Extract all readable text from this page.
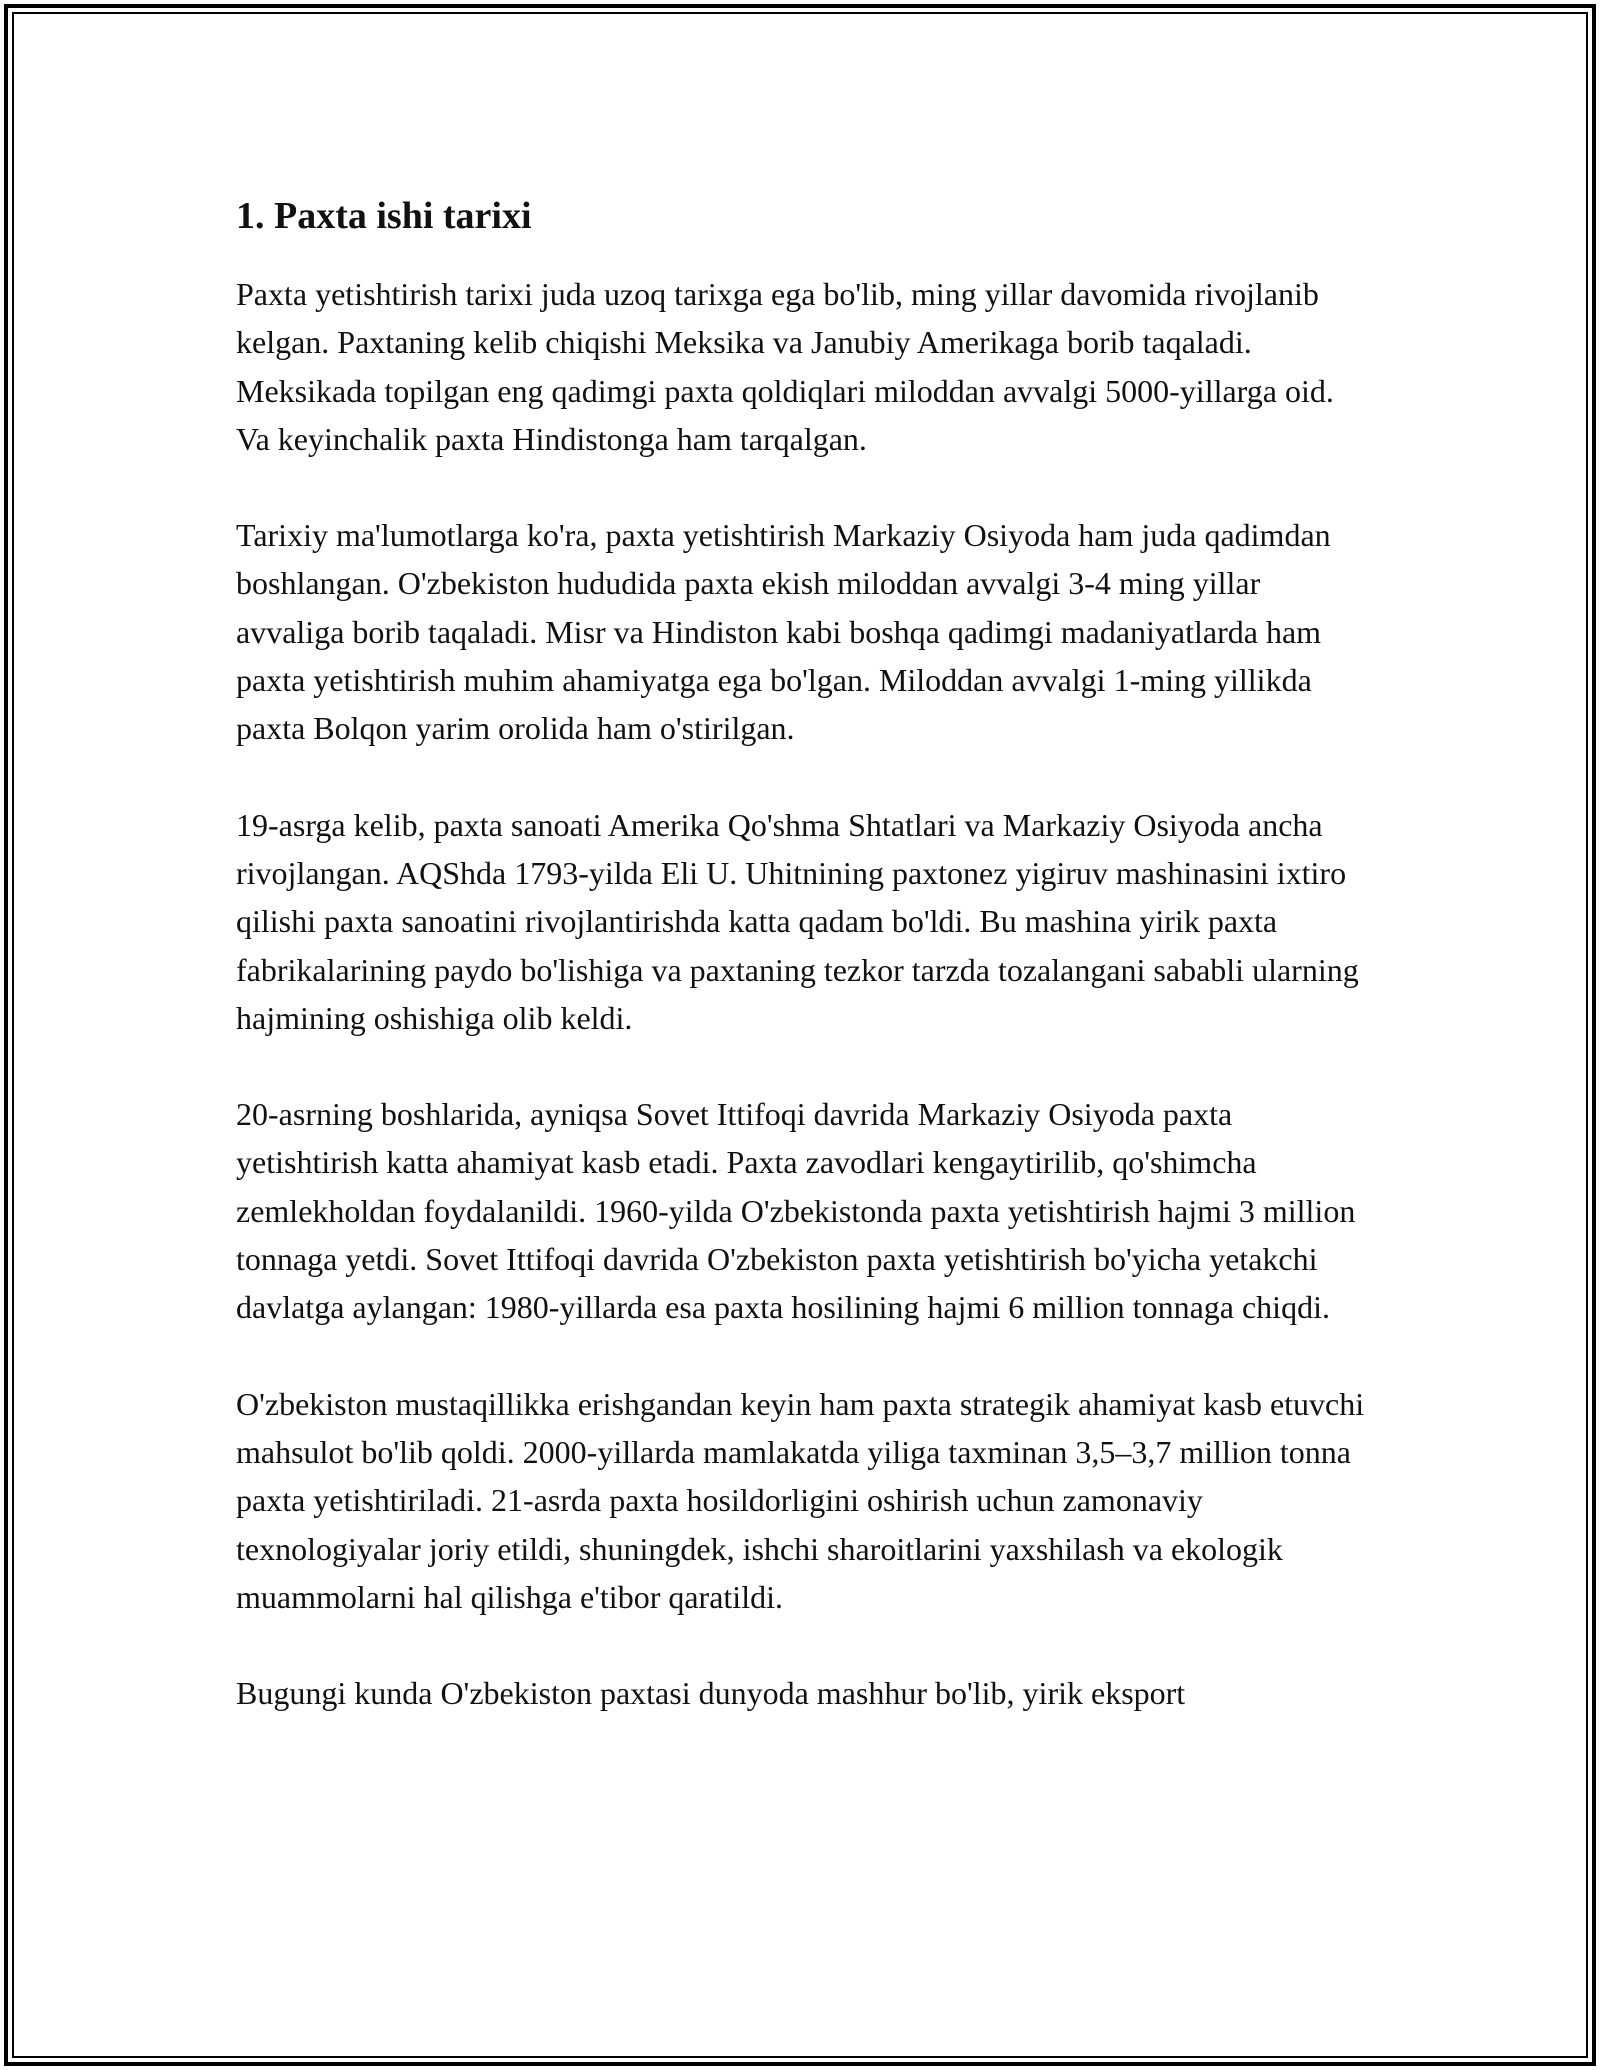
1. Paxta ishi tarixi

Paxta yetishtirish tarixi juda uzoq tarixga ega bo'lib, ming yillar davomida rivojlanib kelgan. Paxtaning kelib chiqishi Meksika va Janubiy Amerikaga borib taqaladi. Meksikada topilgan eng qadimgi paxta qoldiqlari miloddan avvalgi 5000-yillarga oid. Va keyinchalik paxta Hindistonga ham tarqalgan.

Tarixiy ma'lumotlarga ko'ra, paxta yetishtirish Markaziy Osiyoda ham juda qadimdan boshlangan. O'zbekiston hududida paxta ekish miloddan avvalgi 3-4 ming yillar avvaliga borib taqaladi. Misr va Hindiston kabi boshqa qadimgi madaniyatlarda ham paxta yetishtirish muhim ahamiyatga ega bo'lgan. Miloddan avvalgi 1-ming yillikda paxta Bolqon yarim orolida ham o'stirilgan.

19-asrga kelib, paxta sanoati Amerika Qo'shma Shtatlari va Markaziy Osiyoda ancha rivojlangan. AQShda 1793-yilda Eli U. Uhitnining paxtonez yigiruv mashinasini ixtiro qilishi paxta sanoatini rivojlantirishda katta qadam bo'ldi. Bu mashina yirik paxta fabrikalarining paydo bo'lishiga va paxtaning tezkor tarzda tozalangani sababli ularning hajmining oshishiga olib keldi.

20-asrning boshlarida, ayniqsa Sovet Ittifoqi davrida Markaziy Osiyoda paxta yetishtirish katta ahamiyat kasb etadi. Paxta zavodlari kengaytirilib, qo'shimcha zemlekholdan foydalanildi. 1960-yilda O'zbekistonda paxta yetishtirish hajmi 3 million tonnaga yetdi. Sovet Ittifoqi davrida O'zbekiston paxta yetishtirish bo'yicha yetakchi davlatga aylangan: 1980-yillarda esa paxta hosilining hajmi 6 million tonnaga chiqdi.

O'zbekiston mustaqillikka erishgandan keyin ham paxta strategik ahamiyat kasb etuvchi mahsulot bo'lib qoldi. 2000-yillarda mamlakatda yiliga taxminan 3,5–3,7 million tonna paxta yetishtiriladi. 21-asrda paxta hosildorligini oshirish uchun zamonaviy texnologiyalar joriy etildi, shuningdek, ishchi sharoitlarini yaxshilash va ekologik muammolarni hal qilishga e'tibor qaratildi.

Bugungi kunda O'zbekiston paxtasi dunyoda mashhur bo'lib, yirik eksport
